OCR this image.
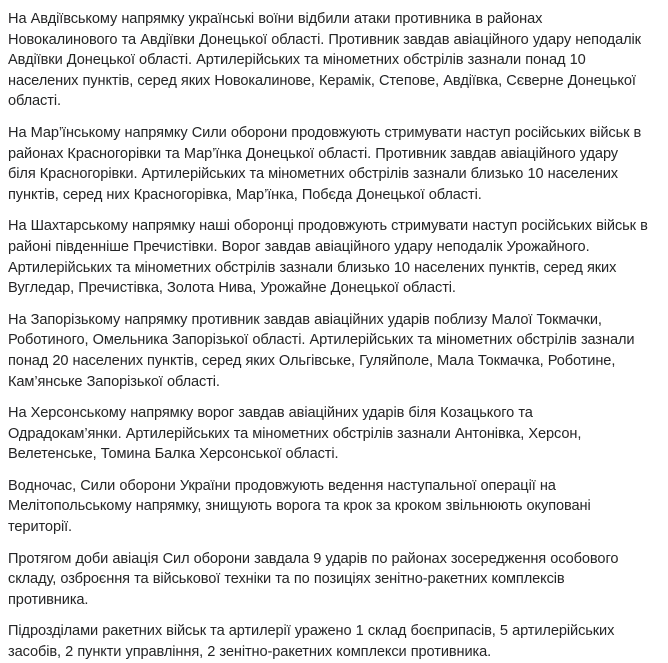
На Авдіївському напрямку українські воїни відбили атаки противника в районах Новокалинового та Авдіївки Донецької області. Противник завдав авіаційного удару неподалік Авдіївки Донецької області. Артилерійських та мінометних обстрілів зазнали понад 10 населених пунктів, серед яких Новокалинове, Керамік, Степове, Авдіївка, Сєверне Донецької області.

На Мар’їнському напрямку Сили оборони продовжують стримувати наступ російських військ в районах Красногорівки та Мар’їнка Донецької області. Противник завдав авіаційного удару біля Красногорівки. Артилерійських та мінометних обстрілів зазнали близько 10 населених пунктів, серед них Красногорівка, Мар’їнка, Побєда Донецької області.

На Шахтарському напрямку наші оборонці продовжують стримувати наступ російських військ в районі південніше Пречистівки. Ворог завдав авіаційного удару неподалік Урожайного. Артилерійських та мінометних обстрілів зазнали близько 10 населених пунктів, серед яких Вугледар, Пречистівка, Золота Нива, Урожайне Донецької області.

На Запорізькому напрямку противник завдав авіаційних ударів поблизу Малої Токмачки, Роботиного, Омельника Запорізької області. Артилерійських та мінометних обстрілів зазнали понад 20 населених пунктів, серед яких Ольгівське, Гуляйполе, Мала Токмачка, Роботине, Кам’янське Запорізької області.

На Херсонському напрямку ворог завдав авіаційних ударів біля Козацького та Одрадокам’янки. Артилерійських та мінометних обстрілів зазнали Антонівка, Херсон, Велетенське, Томина Балка Херсонської області.

Водночас, Сили оборони України продовжують ведення наступальної операції на Мелітопольському напрямку, знищують ворога та крок за кроком звільнюють окуповані території.

Протягом доби авіація Сил оборони завдала 9 ударів по районах зосередження особового складу, озброєння та військової техніки та по позиціях зенітно-ракетних комплексів противника.

Підрозділами ракетних військ та артилерії уражено 1 склад боєприпасів, 5 артилерійських засобів, 2 пункти управління, 2 зенітно-ракетних комплекси противника.
